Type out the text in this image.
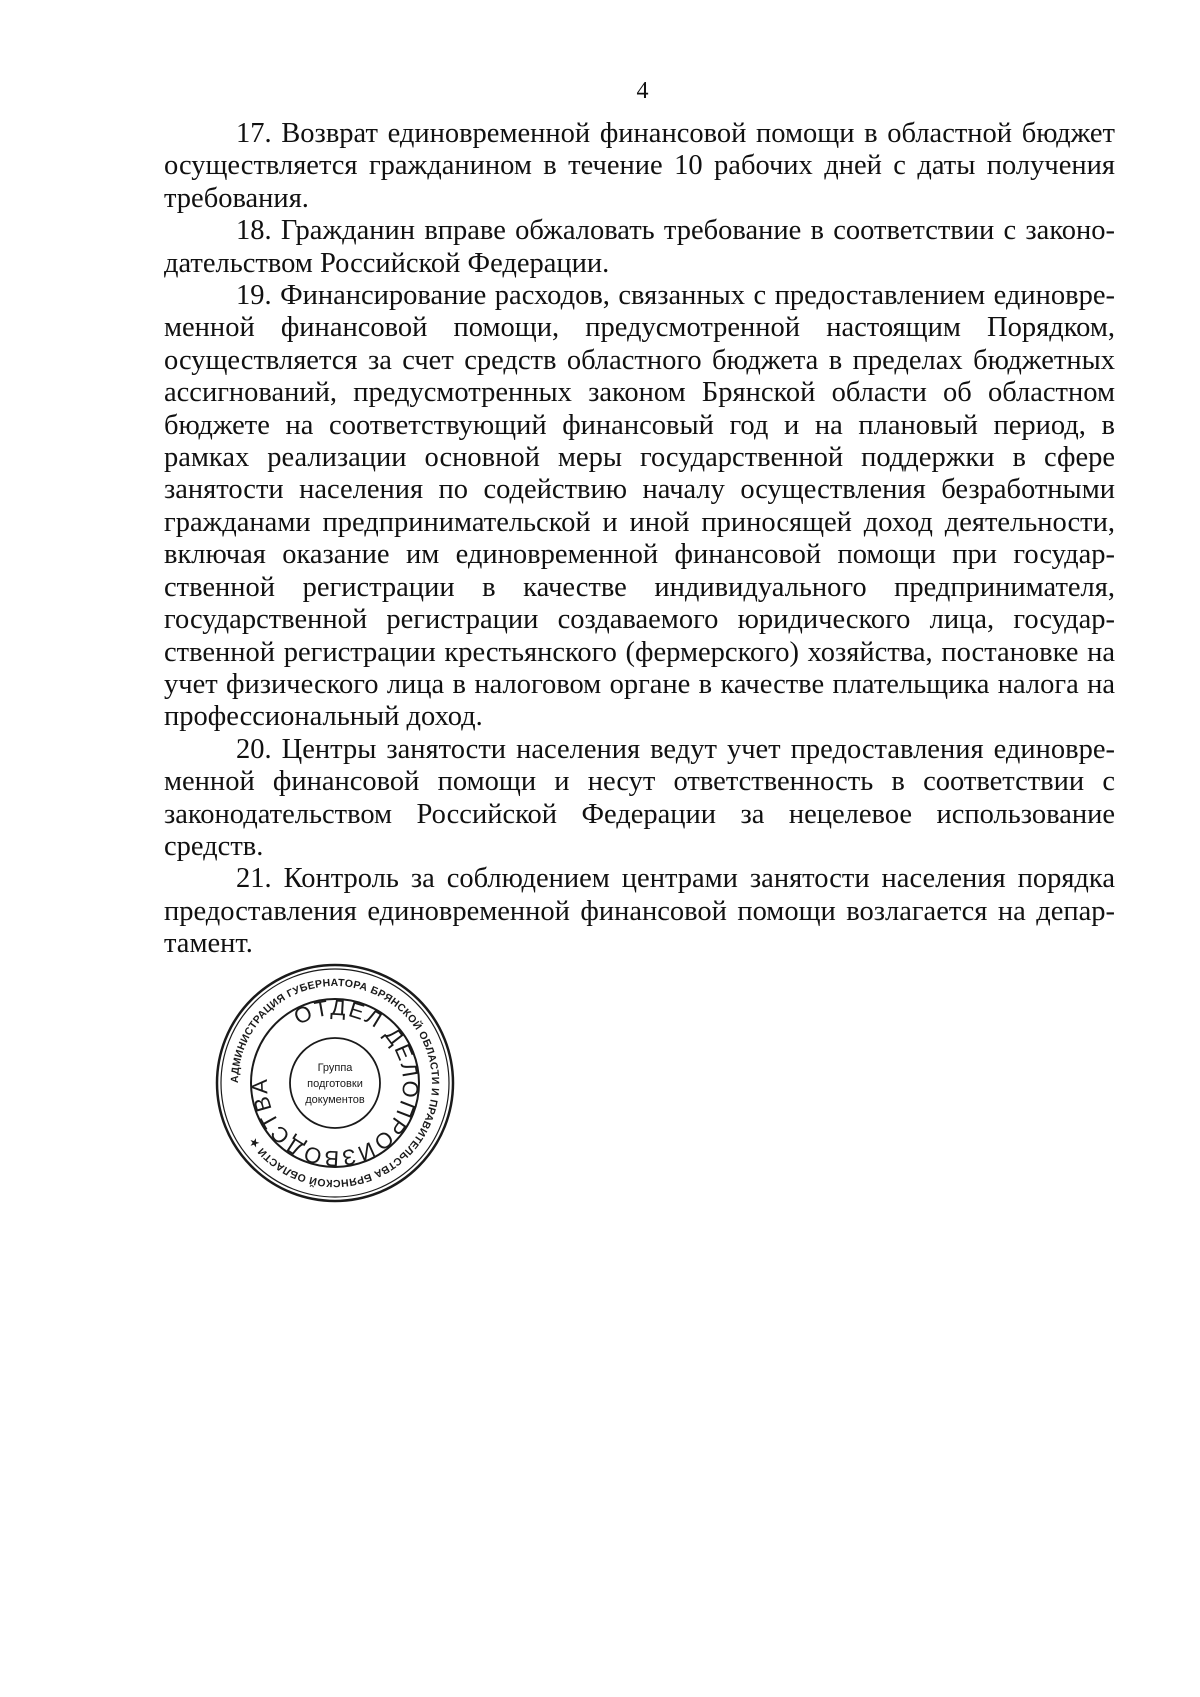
4

17. Возврат единовременной финансовой помощи в областной бюджет осуществляется гражданином в течение 10 рабочих дней с даты получения требования.

18. Гражданин вправе обжаловать требование в соответствии с законодательством Российской Федерации.

19. Финансирование расходов, связанных с предоставлением единовременной финансовой помощи, предусмотренной настоящим Порядком, осуществляется за счет средств областного бюджета в пределах бюджетных ассигнований, предусмотренных законом Брянской области об областном бюджете на соответствующий финансовый год и на плановый период, в рамках реализации основной меры государственной поддержки в сфере занятости населения по содействию началу осуществления безработными гражданами предпринимательской и иной приносящей доход деятельности, включая оказание им единовременной финансовой помощи при государственной регистрации в качестве индивидуального предпринимателя, государственной регистрации создаваемого юридического лица, государственной регистрации крестьянского (фермерского) хозяйства, постановке на учет физического лица в налоговом органе в качестве плательщика налога на профессиональный доход.

20. Центры занятости населения ведут учет предоставления единовременной финансовой помощи и несут ответственность в соответствии с законодательством Российской Федерации за нецелевое использование средств.

21. Контроль за соблюдением центрами занятости населения порядка предоставления единовременной финансовой помощи возлагается на департамент.

АДМИНИСТРАЦИЯ ГУБЕРНАТОРА БРЯНСКОЙ ОБЛАСТИ И ПРАВИТЕЛЬСТВА БРЯНСКОЙ ОБЛАСТИ ★
ОТДЕЛ ДЕЛОПРОИЗВОДСТВА
Группа
подготовки
документов
